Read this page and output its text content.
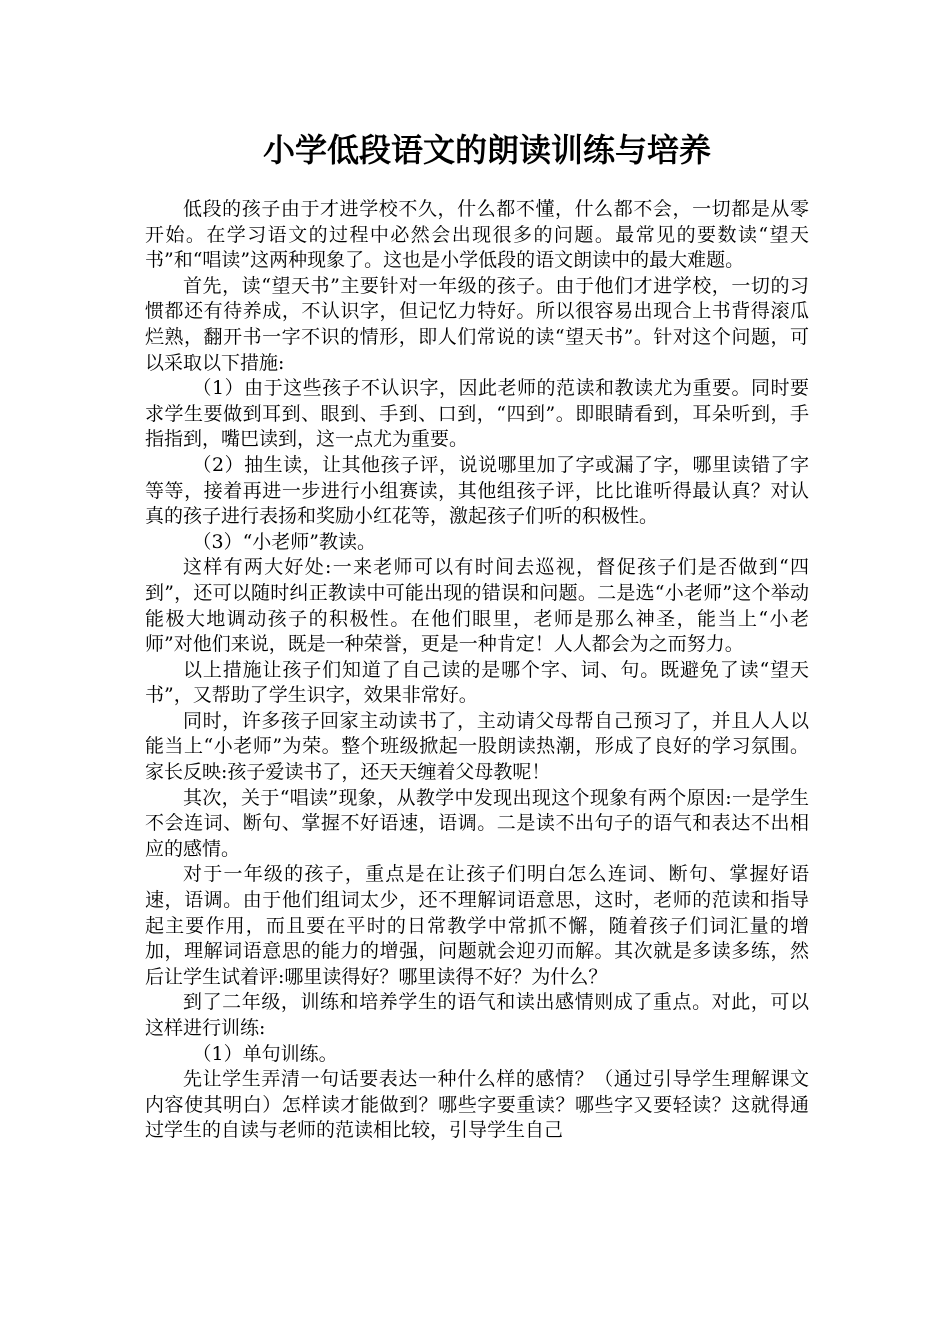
小学低段语文的朗读训练与培养

低段的孩子由于才进学校不久，什么都不懂，什么都不会，一切都是从零开始。在学习语文的过程中必然会出现很多的问题。最常见的要数读“望天书”和“唱读”这两种现象了。这也是小学低段的语文朗读中的最大难题。

首先，读“望天书”主要针对一年级的孩子。由于他们才进学校，一切的习惯都还有待养成，不认识字，但记忆力特好。所以很容易出现合上书背得滚瓜烂熟，翻开书一字不识的情形，即人们常说的读“望天书”。针对这个问题，可以采取以下措施:

（1）由于这些孩子不认识字，因此老师的范读和教读尤为重要。同时要求学生要做到耳到、眼到、手到、口到，“四到”。即眼睛看到，耳朵听到，手指指到，嘴巴读到，这一点尤为重要。

（2）抽生读，让其他孩子评，说说哪里加了字或漏了字，哪里读错了字等等，接着再进一步进行小组赛读，其他组孩子评，比比谁听得最认真？对认真的孩子进行表扬和奖励小红花等，激起孩子们听的积极性。

（3）“小老师”教读。

这样有两大好处:一来老师可以有时间去巡视，督促孩子们是否做到“四到”，还可以随时纠正教读中可能出现的错误和问题。二是选“小老师”这个举动能极大地调动孩子的积极性。在他们眼里，老师是那么神圣，能当上“小老师”对他们来说，既是一种荣誉，更是一种肯定！人人都会为之而努力。

以上措施让孩子们知道了自己读的是哪个字、词、句。既避免了读“望天书”，又帮助了学生识字，效果非常好。

同时，许多孩子回家主动读书了，主动请父母帮自己预习了，并且人人以能当上“小老师”为荣。整个班级掀起一股朗读热潮，形成了良好的学习氛围。家长反映:孩子爱读书了，还天天缠着父母教呢！

其次，关于“唱读”现象，从教学中发现出现这个现象有两个原因:一是学生不会连词、断句、掌握不好语速，语调。二是读不出句子的语气和表达不出相应的感情。

对于一年级的孩子，重点是在让孩子们明白怎么连词、断句、掌握好语速，语调。由于他们组词太少，还不理解词语意思，这时，老师的范读和指导起主要作用，而且要在平时的日常教学中常抓不懈，随着孩子们词汇量的增加，理解词语意思的能力的增强，问题就会迎刃而解。其次就是多读多练，然后让学生试着评:哪里读得好？哪里读得不好？为什么？

到了二年级，训练和培养学生的语气和读出感情则成了重点。对此，可以这样进行训练:

（1）单句训练。

先让学生弄清一句话要表达一种什么样的感情？（通过引导学生理解课文内容使其明白）怎样读才能做到？哪些字要重读？哪些字又要轻读？这就得通过学生的自读与老师的范读相比较，引导学生自己
